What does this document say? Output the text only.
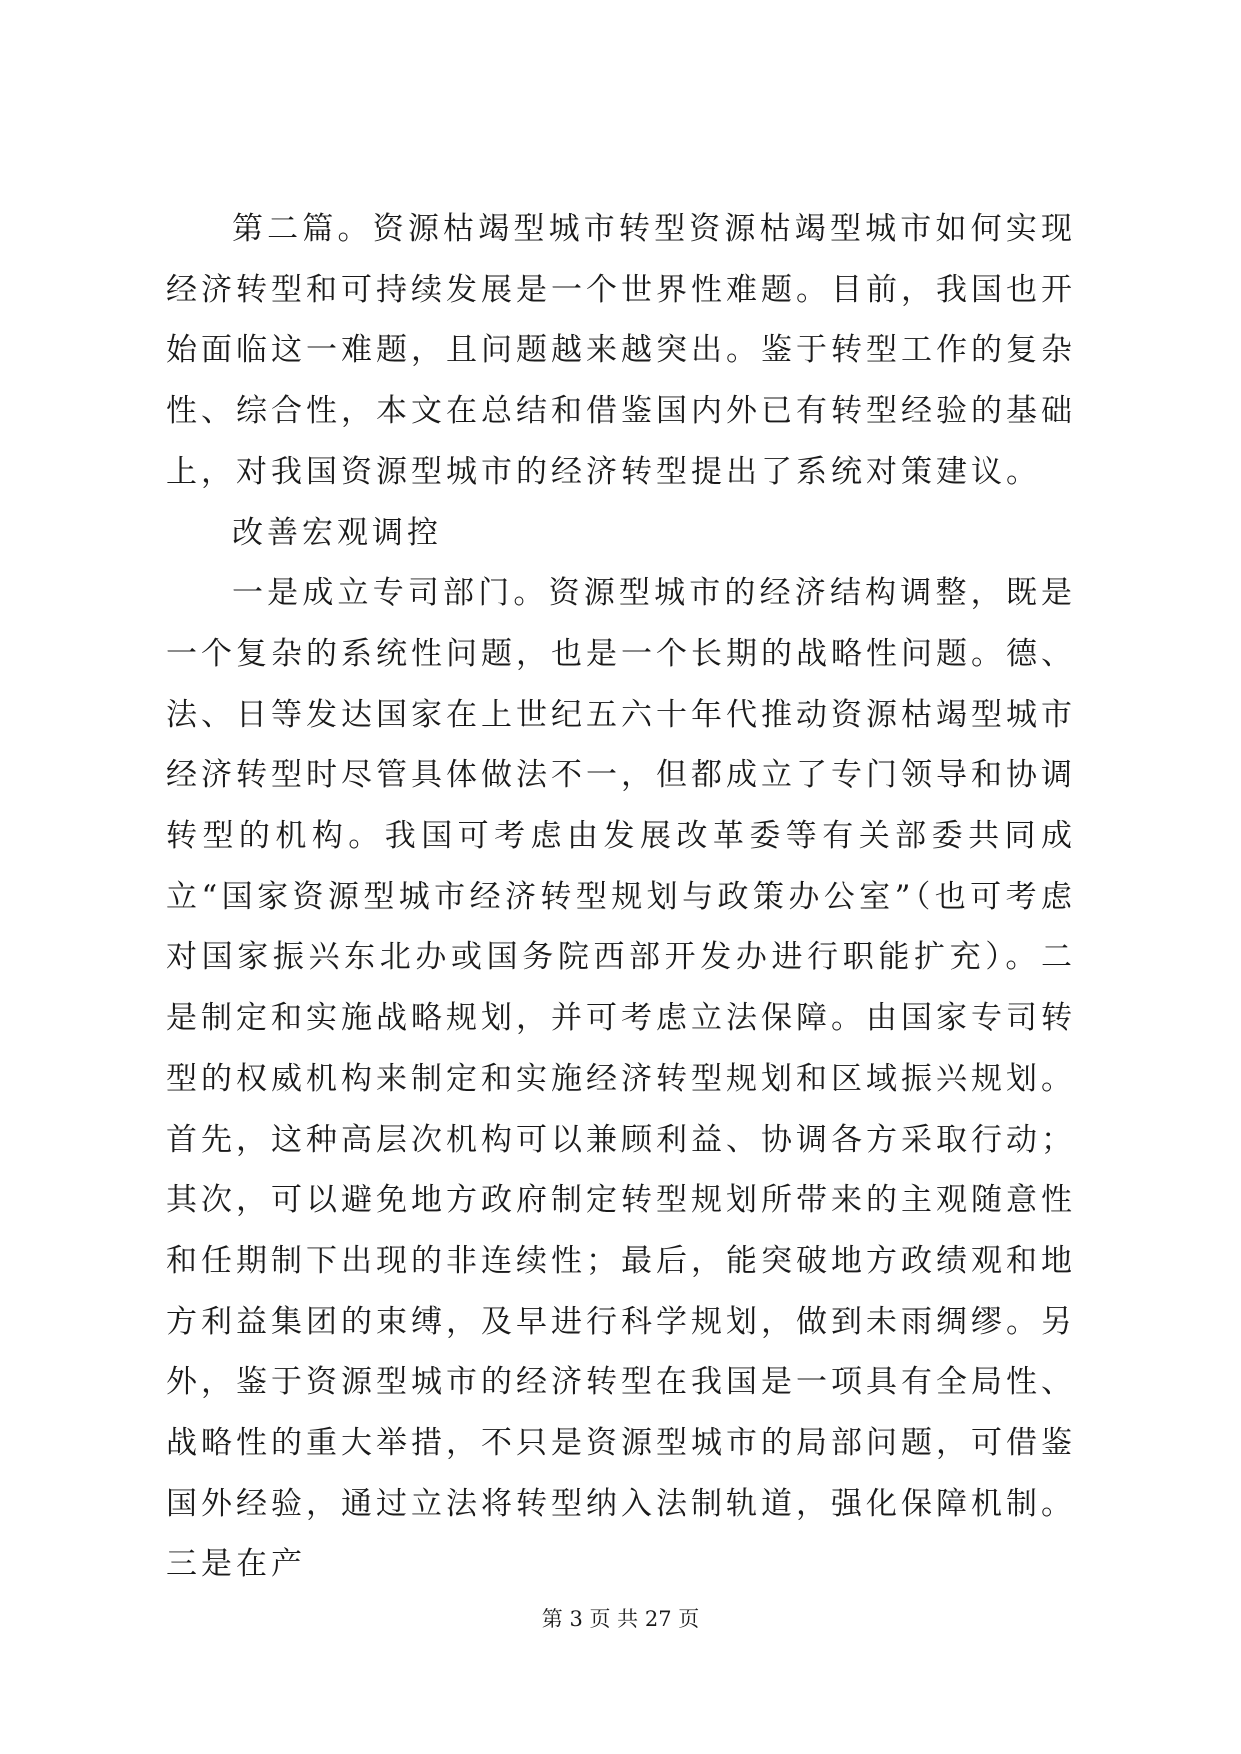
第二篇。资源枯竭型城市转型资源枯竭型城市如何实现经济转型和可持续发展是一个世界性难题。目前，我国也开始面临这一难题，且问题越来越突出。鉴于转型工作的复杂性、综合性，本文在总结和借鉴国内外已有转型经验的基础上，对我国资源型城市的经济转型提出了系统对策建议。

改善宏观调控

一是成立专司部门。资源型城市的经济结构调整，既是一个复杂的系统性问题，也是一个长期的战略性问题。德、法、日等发达国家在上世纪五六十年代推动资源枯竭型城市经济转型时尽管具体做法不一，但都成立了专门领导和协调转型的机构。我国可考虑由发展改革委等有关部委共同成立“国家资源型城市经济转型规划与政策办公室”（也可考虑对国家振兴东北办或国务院西部开发办进行职能扩充）。二是制定和实施战略规划，并可考虑立法保障。由国家专司转型的权威机构来制定和实施经济转型规划和区域振兴规划。首先，这种高层次机构可以兼顾利益、协调各方采取行动；其次，可以避免地方政府制定转型规划所带来的主观随意性和任期制下出现的非连续性；最后，能突破地方政绩观和地方利益集团的束缚，及早进行科学规划，做到未雨绸缪。另外，鉴于资源型城市的经济转型在我国是一项具有全局性、战略性的重大举措，不只是资源型城市的局部问题，可借鉴国外经验，通过立法将转型纳入法制轨道，强化保障机制。三是在产

第 3 页 共 27 页
